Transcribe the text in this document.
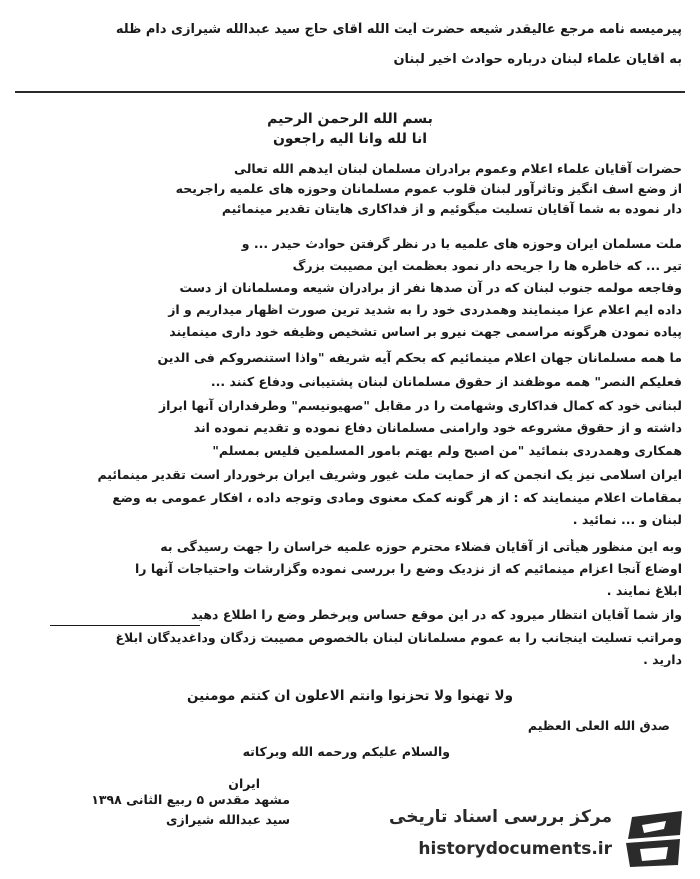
پیرمیسه نامه مرجع عالیقدر شیعه حضرت آیت الله آقای حاج سید عبدالله شیرازی دام ظله
به آقایان علماء لبنان درباره حوادث اخیر لبنان
بسم الله الرحمن الرحیم
انا لله وانا الیه راجعون
حضرات آقایان علماء اعلام وعموم برادران مسلمان لبنان ایدهم الله تعالی
از وضع اسف انگیز وتاثرآور لبنان قلوب عموم مسلمانان وحوزه های علمیه راجریحه
دار نموده به شما آقایان تسلیت میگوئیم و از فداکاری هایتان تقدیر مینمائیم
ملت مسلمان ایران وحوزه های علمیه با در نظر گرفتن حوادث حیدر ... و
تیر ... که خاطره ها را جریحه دار نمود بعظمت این مصیبت بزرگ
وفاجعه مولمه جنوب لبنان که در آن صدها نفر از برادران شیعه ومسلمانان از دست
داده ایم اعلام عزا مینمایند وهمدردی خود را به شدید ترین صورت اظهار میداریم و از
پیاده نمودن هرگونه مراسمی جهت نیرو بر اساس تشخیص وظیفه خود داری مینمایند
ما همه مسلمانان جهان اعلام مینمائیم که بحکم آیه شریفه "واذا استنصروکم فی الدین
فعلیکم النصر" همه موظفند از حقوق مسلمانان لبنان پشتیبانی ودفاع کنند ...
لبنانی خود که کمال فداکاری وشهامت را در مقابل "صهیونیسم" وطرفداران آنها ابراز
داشته و از حقوق مشروعه خود وارامنی مسلمانان دفاع نموده و تقدیم نموده اند
همکاری وهمدردی بنمائید "من اصبح ولم یهتم بامور المسلمین فلیس بمسلم"
ایران اسلامی نیز یک انجمن که از حمایت ملت غیور وشریف ایران برخوردار است تقدیر مینمائیم
بمقامات اعلام مینمایند که : از هر گونه کمک معنوی ومادی وتوجه داده ، افکار عمومی به وضع
لبنان و ... نمائید .
وبه این منظور هیأتی از آقایان فضلاء محترم حوزه علمیه خراسان را جهت رسیدگی به
اوضاع آنجا اعزام مینمائیم که از نزدیک وضع را بررسی نموده وگزارشات واحتیاجات آنها را
ابلاغ نمایند .
واز شما آقایان انتظار میرود که در این موقع حساس وپرخطر وضع را اطلاع دهید
ومراتب تسلیت اینجانب را به عموم مسلمانان لبنان بالخصوص مصیبت زدگان وداغدیدگان ابلاغ
دارید .
ولا تهنوا ولا تحزنوا وانتم الاعلون ان کنتم مومنین
صدق الله العلی العظیم
والسلام علیکم ورحمه الله وبرکاته
ایران
مشهد مقدس ۵ ربیع الثانی ۱۳۹۸
سید عبدالله شیرازی	مرکز بررسی اسناد تاریخی
historydocuments.ir
